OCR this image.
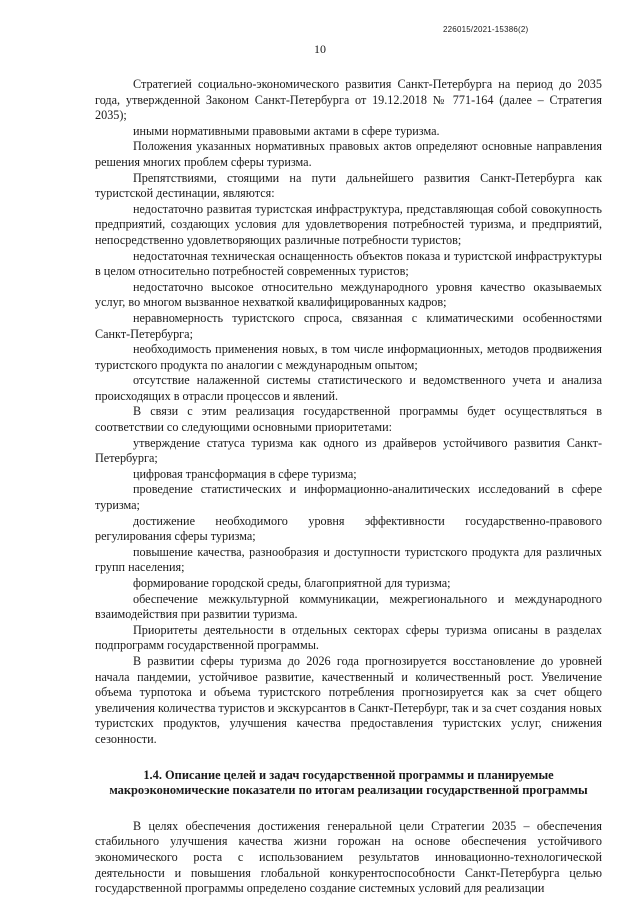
226015/2021-15386(2)
10

Стратегией социально-экономического развития Санкт-Петербурга на период до 2035 года, утвержденной Законом Санкт-Петербурга от 19.12.2018 № 771-164 (далее – Стратегия 2035);

иными нормативными правовыми актами в сфере туризма.

Положения указанных нормативных правовых актов определяют основные направления решения многих проблем сферы туризма.

Препятствиями, стоящими на пути дальнейшего развития Санкт-Петербурга как туристской дестинации, являются:

недостаточно развитая туристская инфраструктура, представляющая собой совокупность предприятий, создающих условия для удовлетворения потребностей туризма, и предприятий, непосредственно удовлетворяющих различные потребности туристов;

недостаточная техническая оснащенность объектов показа и туристской инфраструктуры в целом относительно потребностей современных туристов;

недостаточно высокое относительно международного уровня качество оказываемых услуг, во многом вызванное нехваткой квалифицированных кадров;

неравномерность туристского спроса, связанная с климатическими особенностями Санкт-Петербурга;

необходимость применения новых, в том числе информационных, методов продвижения туристского продукта по аналогии с международным опытом;

отсутствие налаженной системы статистического и ведомственного учета и анализа происходящих в отрасли процессов и явлений.

В связи с этим реализация государственной программы будет осуществляться в соответствии со следующими основными приоритетами:

утверждение статуса туризма как одного из драйверов устойчивого развития Санкт-Петербурга;

цифровая трансформация в сфере туризма;

проведение статистических и информационно-аналитических исследований в сфере туризма;

достижение необходимого уровня эффективности государственно-правового регулирования сферы туризма;

повышение качества, разнообразия и доступности туристского продукта для различных групп населения;

формирование городской среды, благоприятной для туризма;

обеспечение межкультурной коммуникации, межрегионального и международного взаимодействия при развитии туризма.

Приоритеты деятельности в отдельных секторах сферы туризма описаны в разделах подпрограмм государственной программы.

В развитии сферы туризма до 2026 года прогнозируется восстановление до уровней начала пандемии, устойчивое развитие, качественный и количественный рост. Увеличение объема турпотока и объема туристского потребления прогнозируется как за счет общего увеличения количества туристов и экскурсантов в Санкт-Петербург, так и за счет создания новых туристских продуктов, улучшения качества предоставления туристских услуг, снижения сезонности.

1.4. Описание целей и задач государственной программы и планируемые макроэкономические показатели по итогам реализации государственной программы

В целях обеспечения достижения генеральной цели Стратегии 2035 – обеспечения стабильного улучшения качества жизни горожан на основе обеспечения устойчивого экономического роста с использованием результатов инновационно-технологической деятельности и повышения глобальной конкурентоспособности Санкт-Петербурга целью государственной программы определено создание системных условий для реализации
